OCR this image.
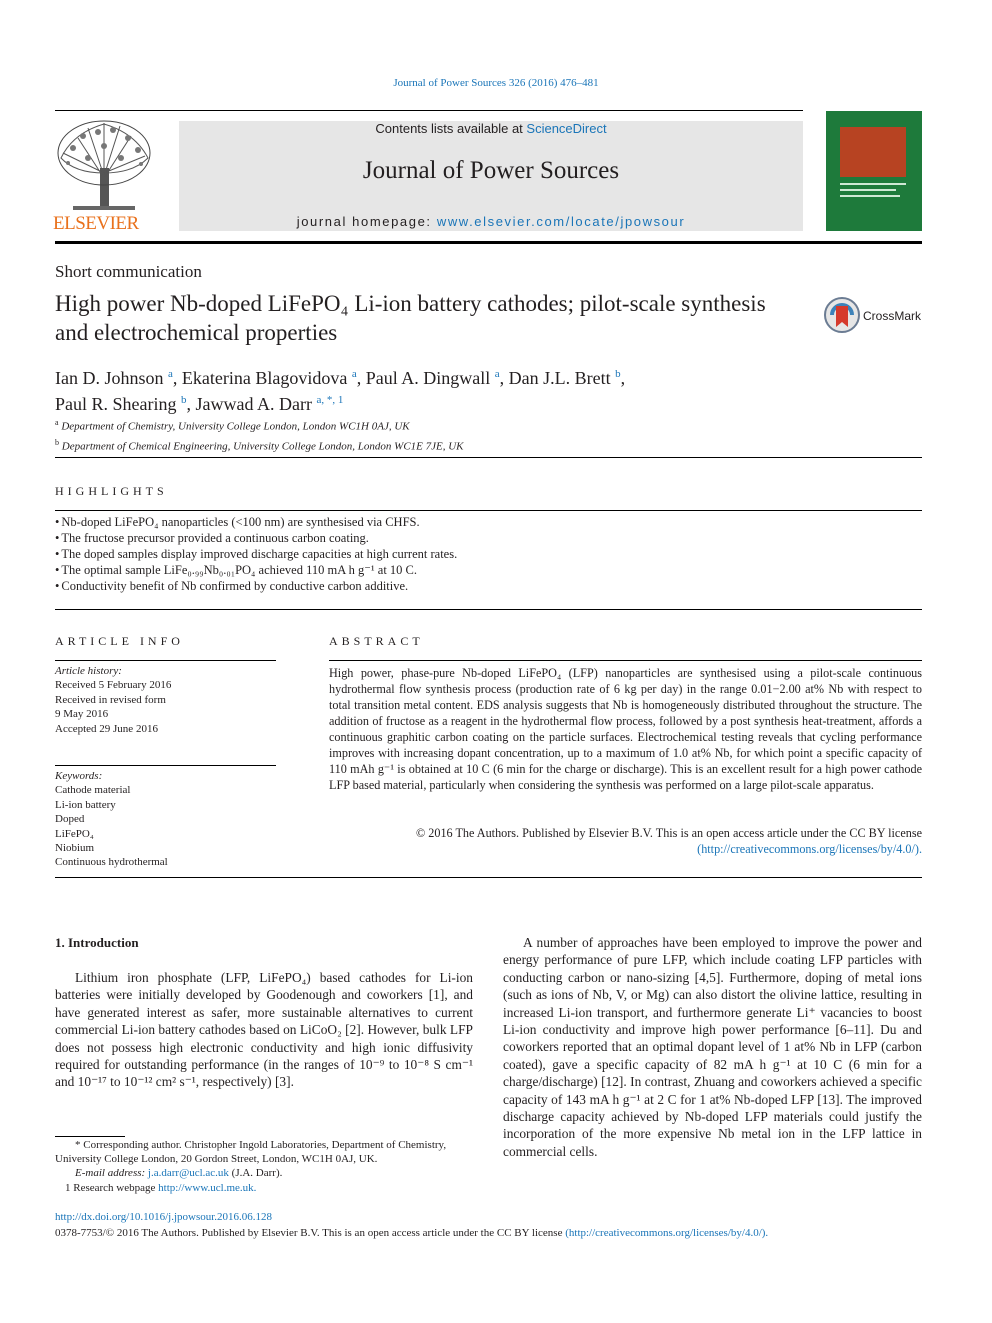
Journal of Power Sources 326 (2016) 476–481
ELSEVIER
Contents lists available at ScienceDirect
Journal of Power Sources
journal homepage: www.elsevier.com/locate/jpowsour
Short communication
High power Nb-doped LiFePO₄ Li-ion battery cathodes; pilot-scale synthesis and electrochemical properties
CrossMark
Ian D. Johnson $^a$, Ekaterina Blagovidova $^a$, Paul A. Dingwall $^a$, Dan J.L. Brett $^b$,
Paul R. Shearing $^b$, Jawwad A. Darr $^{a, *, 1}$
$^a$ Department of Chemistry, University College London, London WC1H 0AJ, UK
$^b$ Department of Chemical Engineering, University College London, London WC1E 7JE, UK
HIGHLIGHTS
• Nb-doped LiFePO₄ nanoparticles (<100 nm) are synthesised via CHFS.
• The fructose precursor provided a continuous carbon coating.
• The doped samples display improved discharge capacities at high current rates.
• The optimal sample LiFe₀.₉₉Nb₀.₀₁PO₄ achieved 110 mA h g⁻¹ at 10 C.
• Conductivity benefit of Nb confirmed by conductive carbon additive.
ARTICLE INFO
Article history:
Received 5 February 2016
Received in revised form
9 May 2016
Accepted 29 June 2016
Keywords:
Cathode material
Li-ion battery
Doped
LiFePO₄
Niobium
Continuous hydrothermal
ABSTRACT
High power, phase-pure Nb-doped LiFePO₄ (LFP) nanoparticles are synthesised using a pilot-scale continuous hydrothermal flow synthesis process (production rate of 6 kg per day) in the range 0.01−2.00 at% Nb with respect to total transition metal content. EDS analysis suggests that Nb is homogeneously distributed throughout the structure. The addition of fructose as a reagent in the hydrothermal flow process, followed by a post synthesis heat-treatment, affords a continuous graphitic carbon coating on the particle surfaces. Electrochemical testing reveals that cycling performance improves with increasing dopant concentration, up to a maximum of 1.0 at% Nb, for which point a specific capacity of 110 mAh g⁻¹ is obtained at 10 C (6 min for the charge or discharge). This is an excellent result for a high power cathode LFP based material, particularly when considering the synthesis was performed on a large pilot-scale apparatus.
© 2016 The Authors. Published by Elsevier B.V. This is an open access article under the CC BY license
(http://creativecommons.org/licenses/by/4.0/).
1. Introduction
Lithium iron phosphate (LFP, LiFePO₄) based cathodes for Li-ion batteries were initially developed by Goodenough and coworkers [1], and have generated interest as safer, more sustainable alternatives to current commercial Li-ion battery cathodes based on LiCoO₂ [2]. However, bulk LFP does not possess high electronic conductivity and high ionic diffusivity required for outstanding performance (in the ranges of 10⁻⁹ to 10⁻⁸ S cm⁻¹ and 10⁻¹⁷ to 10⁻¹² cm² s⁻¹, respectively) [3].
A number of approaches have been employed to improve the power and energy performance of pure LFP, which include coating LFP particles with conducting carbon or nano-sizing [4,5]. Furthermore, doping of metal ions (such as ions of Nb, V, or Mg) can also distort the olivine lattice, resulting in increased Li-ion transport, and furthermore generate Li⁺ vacancies to boost Li-ion conductivity and improve high power performance [6–11]. Du and coworkers reported that an optimal dopant level of 1 at% Nb in LFP (carbon coated), gave a specific capacity of 82 mA h g⁻¹ at 10 C (6 min for a charge/discharge) [12]. In contrast, Zhuang and coworkers achieved a specific capacity of 143 mA h g⁻¹ at 2 C for 1 at% Nb-doped LFP [13]. The improved discharge capacity achieved by Nb-doped LFP materials could justify the incorporation of the more expensive Nb metal ion in the LFP lattice in commercial cells.
* Corresponding author. Christopher Ingold Laboratories, Department of Chemistry, University College London, 20 Gordon Street, London, WC1H 0AJ, UK.
E-mail address: j.a.darr@ucl.ac.uk (J.A. Darr).
1 Research webpage http://www.ucl.me.uk.
http://dx.doi.org/10.1016/j.jpowsour.2016.06.128
0378-7753/© 2016 The Authors. Published by Elsevier B.V. This is an open access article under the CC BY license (http://creativecommons.org/licenses/by/4.0/).
